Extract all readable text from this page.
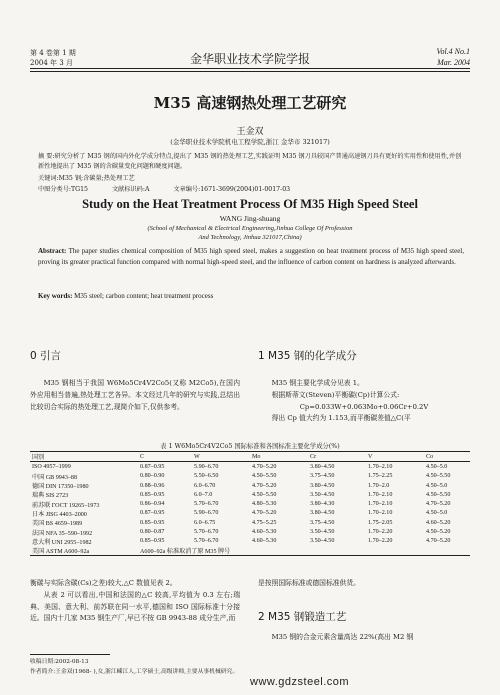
第 4 卷第 1 期
2004 年 3 月	金华职业技术学院学报
Vol.4 No.1
Mar. 2004
M35 高速钢热处理工艺研究
王金双
(金华职业技术学院机电工程学院,浙江 金华市 321017)
摘 要:研究分析了 M35 钢的国内外化学成分特点,提出了 M35 钢的热处理工艺,实践证明 M35 钢刀具较国产普通高速钢刀具有更好的实用性和使用性,并创新性地提出了 M35 钢的含碳量变化问题和硬度问题。
关键词:M35 钢;含碳量;热处理工艺
中图分类号:TG15	文献标识码:A	文章编号:1671-3699(2004)01-0017-03
Study on the Heat Treatment Process Of M35 High Speed Steel
WANG Jing-shuang
(School of Mechanical & Electrical Engineering,Jinhua College Of Profession
And Technology, Jinhua 321017,China)
Abstract: The paper studies chemical composition of M35 high speed steel, makes a suggestion on heat treatment process of M35 high speed steel, proving its greater practical function compared with normal high-speed steel, and the influence of carbon content on hardness is analyzed afterwards.
Key words: M35 steel; carbon content; heat treatment process
0 引言	1 M35 钢的化学成分
M35 钢相当于我国 W6Mo5Cr4V2Co5(又称 M2Co5),在国内外应用相当普遍,热处理工艺各异。本文经过几年的研究与实践,总结出比较切合实际的热处理工艺,现简介如下,仅供参考。
M35 钢主要化学成分见表 1。
根据斯蒂文(Steven)平衡碳(Cp)计算公式:
Cp=0.033W+0.063Mo+0.06Cr+0.2V
得出 Cp 值大约为 1.153,而平衡碳差值△C(平
表 1 W6Mo5Cr4V2Co5 国际标准和各国标准主要化学成分(%)
国别	C	W	Mo	Cr	V	Co
ISO 4957–1999	0.87–0.95	5.90–6.70	4.70–5.20	3.80–4.50	1.70–2.10	4.50–5.0
中国 GB 9943–88	0.80–0.90	5.50–6.50	4.50–5.50	3.75–4.50	1.75–2.25	4.50–5.50
德国 DIN 17350–1980	0.88–0.96	6.0–6.70	4.70–5.20	3.80–4.50	1.70–2.0	4.50–5.0
瑞典 SIS 2723	0.85–0.95	6.0–7.0	4.50–5.50	3.50–4.50	1.70–2.10	4.50–5.50
前苏联 ГОСТ 19265–1973	0.86–0.94	5.70–6.70	4.80–5.30	3.80–4.30	1.70–2.10	4.70–5.20
日本 JISG 4403–2000	0.87–0.95	5.90–6.70	4.70–5.20	3.80–4.50	1.70–2.10	4.50–5.0
美国 BS 4659–1989	0.85–0.95	6.0–6.75	4.75–5.25	3.75–4.50	1.75–2.05	4.60–5.20
法国 NFA 35–590–1992	0.80–0.87	5.70–6.70	4.60–5.30	3.50–4.50	1.70–2.20	4.50–5.20
意大利 UNI 2955–1982	0.85–0.95	5.70–6.70	4.60–5.30	3.50–4.50	1.70–2.20	4.70–5.20
美国 ASTM A600–92a	A600–92a 标准取消了原 M35 牌号					
衡碳与实际含碳(Cs)之差)较大,△C 数值见表 2。
从表 2 可以看出,中国和法国的△C 较高,平均值为 0.3 左右;瑞典、美国、意大利、前苏联在同一水平,德国和 ISO 国际标准十分接近。国内十几家 M35 钢生产厂,早已不按 GB 9943-88 成分生产,而
是按照国际标准或德国标准供货。
2 M35 钢锻造工艺
M35 钢的合金元素含量高达 22%(高出 M2 钢
收稿日期:2002-08-13
作者简介:王金双(1968- ),女,浙江嵊江人,工学硕士,高级讲师,主要从事机械研究。
www.gdzsteel.com
